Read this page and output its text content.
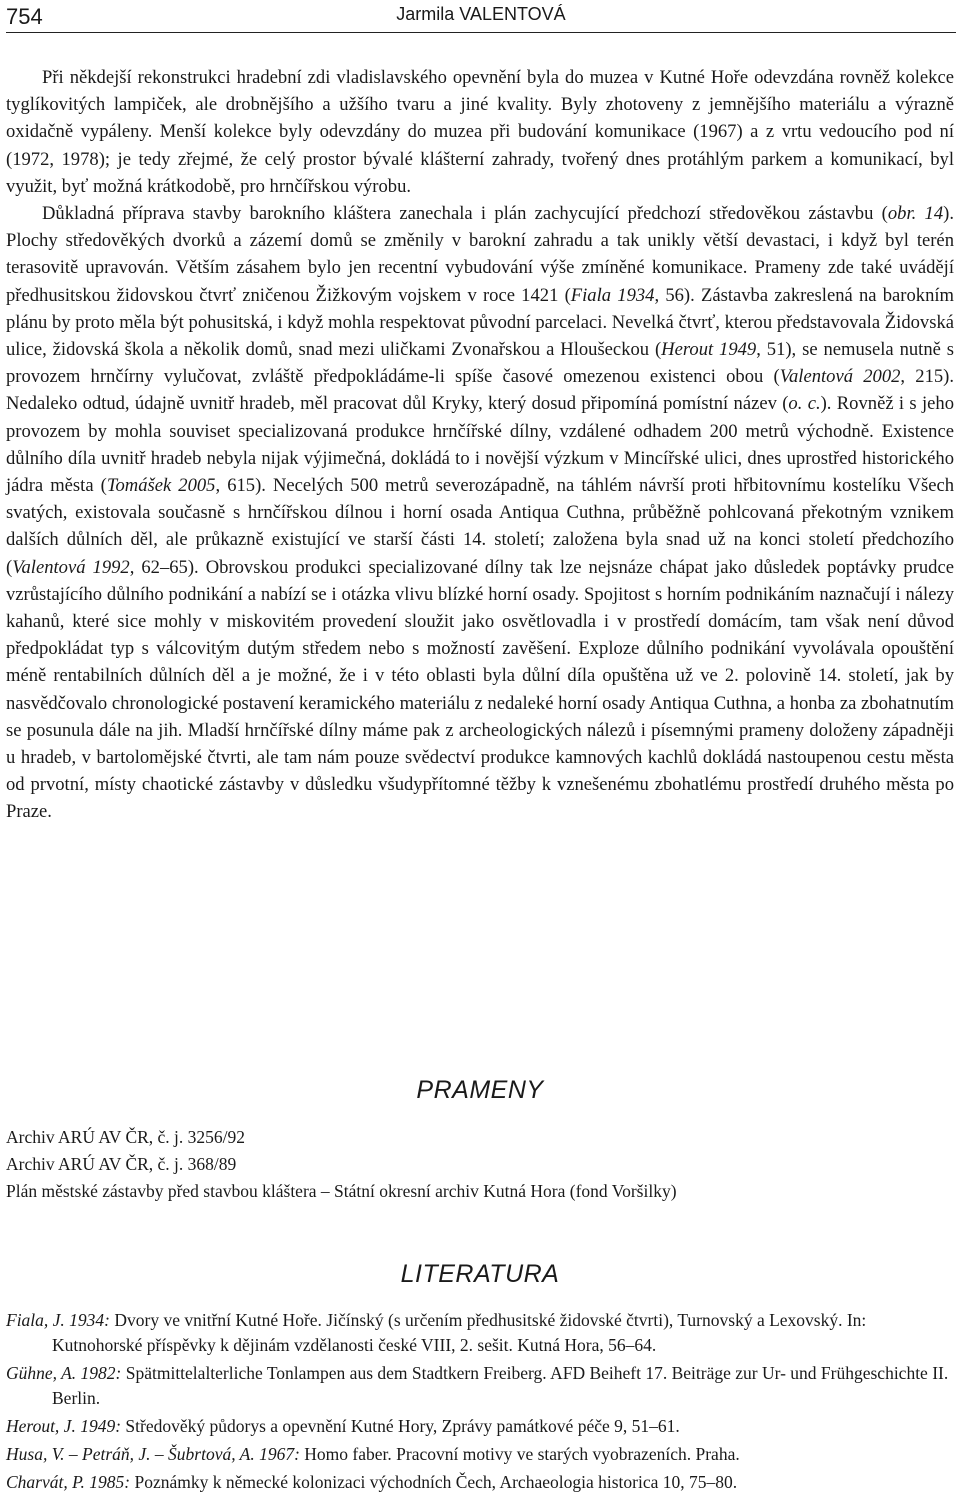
754	Jarmila VALENTOVÁ

Při někdejší rekonstrukci hradební zdi vladislavského opevnění byla do muzea v Kutné Hoře odevzdána rovněž kolekce tyglíkovitých lampiček, ale drobnějšího a užšího tvaru a jiné kvality. Byly zhotoveny z jemnějšího materiálu a výrazně oxidačně vypáleny. Menší kolekce byly odevzdány do muzea při budování komunikace (1967) a z vrtu vedoucího pod ní (1972, 1978); je tedy zřejmé, že celý prostor bývalé klášterní zahrady, tvořený dnes protáhlým parkem a komunikací, byl využit, byť možná krátkodobě, pro hrnčířskou výrobu.

Důkladná příprava stavby barokního kláštera zanechala i plán zachycující předchozí středověkou zástavbu (obr. 14). Plochy středověkých dvorků a zázemí domů se změnily v barokní zahradu a tak unikly větší devastaci, i když byl terén terasovitě upravován. Větším zásahem bylo jen recentní vybudování výše zmíněné komunikace. Prameny zde také uvádějí předhusitskou židovskou čtvrť zničenou Žižkovým vojskem v roce 1421 (Fiala 1934, 56). Zástavba zakreslená na barokním plánu by proto měla být pohusitská, i když mohla respektovat původní parcelaci. Nevelká čtvrť, kterou představovala Židovská ulice, židovská škola a několik domů, snad mezi uličkami Zvonařskou a Hloušeckou (Herout 1949, 51), se nemusela nutně s provozem hrnčírny vylučovat, zvláště předpokládáme-li spíše časové omezenou existenci obou (Valentová 2002, 215). Nedaleko odtud, údajně uvnitř hradeb, měl pracovat důl Kryky, který dosud připomíná pomístní název (o. c.). Rovněž i s jeho provozem by mohla souviset specializovaná produkce hrnčířské dílny, vzdálené odhadem 200 metrů východně. Existence důlního díla uvnitř hradeb nebyla nijak výjimečná, dokládá to i novější výzkum v Mincířské ulici, dnes uprostřed historického jádra města (Tomášek 2005, 615). Necelých 500 metrů severozápadně, na táhlém návrší proti hřbitovnímu kostelíku Všech svatých, existovala současně s hrnčířskou dílnou i horní osada Antiqua Cuthna, průběžně pohlcovaná překotným vznikem dalších důlních děl, ale průkazně existující ve starší části 14. století; založena byla snad už na konci století předchozího (Valentová 1992, 62–65). Obrovskou produkci specializované dílny tak lze nejsnáze chápat jako důsledek poptávky prudce vzrůstajícího důlního podnikání a nabízí se i otázka vlivu blízké horní osady. Spojitost s horním podnikáním naznačují i nálezy kahanů, které sice mohly v miskovitém provedení sloužit jako osvětlovadla i v prostředí domácím, tam však není důvod předpokládat typ s válcovitým dutým středem nebo s možností zavěšení. Exploze důlního podnikání vyvolávala opouštění méně rentabilních důlních děl a je možné, že i v této oblasti byla důlní díla opuštěna už ve 2. polovině 14. století, jak by nasvědčovalo chronologické postavení keramického materiálu z nedaleké horní osady Antiqua Cuthna, a honba za zbohatnutím se posunula dále na jih. Mladší hrnčířské dílny máme pak z archeologických nálezů i písemnými prameny doloženy západněji u hradeb, v bartolomějské čtvrti, ale tam nám pouze svědectví produkce kamnových kachlů dokládá nastoupenou cestu města od prvotní, místy chaotické zástavby v důsledku všudypřítomné těžby k vznešenému zbohatlému prostředí druhého města po Praze.

PRAMENY
Archiv ARÚ AV ČR, č. j. 3256/92
Archiv ARÚ AV ČR, č. j. 368/89
Plán městské zástavby před stavbou kláštera – Státní okresní archiv Kutná Hora (fond Voršilky)
LITERATURA
Fiala, J. 1934: Dvory ve vnitřní Kutné Hoře. Jičínský (s určením předhusitské židovské čtvrti), Turnovský a Lexovský. In: Kutnohorské příspěvky k dějinám vzdělanosti české VIII, 2. sešit. Kutná Hora, 56–64.
Gühne, A. 1982: Spätmittelalterliche Tonlampen aus dem Stadtkern Freiberg. AFD Beiheft 17. Beiträge zur Ur- und Frühgeschichte II. Berlin.
Herout, J. 1949: Středověký půdorys a opevnění Kutné Hory, Zprávy památkové péče 9, 51–61.
Husa, V. – Petráň, J. – Šubrtová, A. 1967: Homo faber. Pracovní motivy ve starých vyobrazeních. Praha.
Charvát, P. 1985: Poznámky k německé kolonizaci východních Čech, Archaeologia historica 10, 75–80.
